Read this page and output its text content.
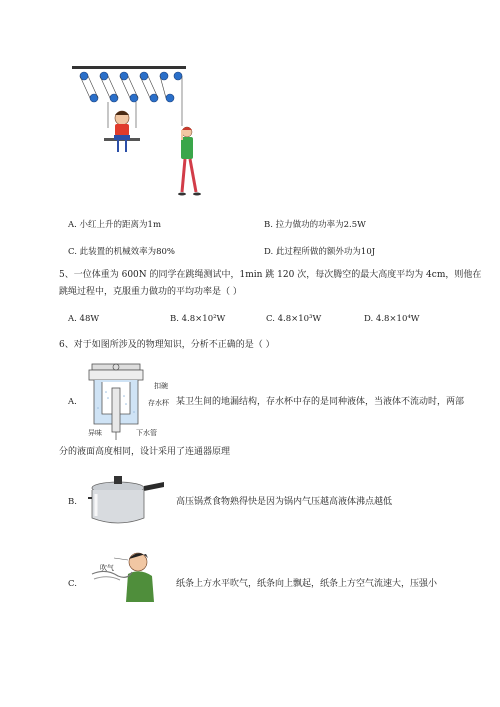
A. 小红上升的距离为1m	B. 拉力做功的功率为2.5W
C. 此装置的机械效率为80%	D. 此过程所做的额外功为10J
5、一位体重为 600N 的同学在跳绳测试中，1min 跳 120 次，每次腾空的最大高度平均为 4cm，则他在
跳绳过程中，克服重力做功的平均功率是（ ）
A. 48W	B. 4.8×10²W	C. 4.8×10³W	D. 4.8×10⁴W
6、对于如图所涉及的物理知识，分析不正确的是（ ）
扣碗
存水杯
异味	下水管
A.	某卫生间的地漏结构，存水杯中存的是同种液体，当液体不流动时，两部
分的液面高度相同，设计采用了连通器原理
B.	高压锅煮食物熟得快是因为锅内气压越高液体沸点越低
吹气
C.	纸条上方水平吹气，纸条向上飘起，纸条上方空气流速大，压强小
